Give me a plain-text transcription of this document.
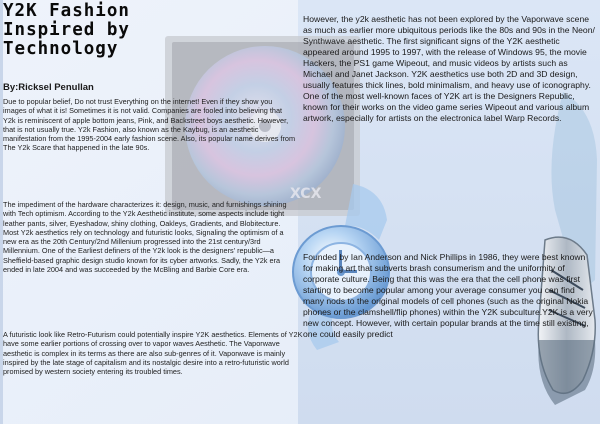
XCX
Y2K Fashion Inspired by Technology
By:Ricksel Penullan

Due to popular belief, Do not trust Everything on the internet! Even if they show you images of what it is! Sometimes it is not valid. Companies are fooled into believing that Y2k is reminiscent of apple bottom jeans, Pink, and Backstreet boys aesthetic. However, that is not usually true. Y2k Fashion, also known as the Kaybug, is an aesthetic manifestation from the 1995-2004 early fashion scene. Also, its popular name derives from The Y2k Scare that happened in the late 90s.

The impediment of the hardware characterizes it: design, music, and furnishings shining with Tech optimism. According to the Y2k Aesthetic institute, some aspects include tight leather pants, silver, Eyeshadow, shiny clothing, Oakleys, Gradients, and Blobitecture. Most Y2k aesthetics rely on technology and futuristic looks, Signaling the optimism of a new era as the 20th Century/2nd Millenium progressed into the 21st century/3rd Millennium. One of the Earliest definers of the Y2k look is the designers' republic—a Sheffield-based graphic design studio known for its cyber artworks. Sadly, the Y2k era ended in late 2004 and was succeeded by the McBling and Barbie Core era.

A futuristic look like Retro-Futurism could potentially inspire Y2K aesthetics. Elements of Y2K have some earlier portions of crossing over to vapor waves Aesthetic. The Vaporwave aesthetic is complex in its terms as there are also sub-genres of it. Vaporwave is mainly inspired by the late stage of capitalism and its nostalgic desire into a retro-futuristic world promised by western society entering its troubled times.

However, the y2k aesthetic has not been explored by the Vaporwave scene as much as earlier more ubiquitous periods like the 80s and 90s in the Neon/ Synthwave aesthetic. The first significant signs of the Y2K aesthetic appeared around 1995 to 1997, with the release of Windows 95, the movie Hackers, the PS1 game Wipeout, and music videos by artists such as Michael and Janet Jackson. Y2K aesthetics use both 2D and 3D design, usually features thick lines, bold minimalism, and heavy use of iconography. One of the most well-known faces of Y2K art is the Designers Republic, known for their works on the video game series Wipeout and various album artwork, especially for artists on the electronica label Warp Records.

Founded by Ian Anderson and Nick Phillips in 1986, they were best known for making art that subverts brash consumerism and the uniformity of corporate culture. Being that this was the era that the cell phone was first starting to become popular among your average consumer you can find many nods to the original models of cell phones (such as the original Nokia phones or the clamshell/flip phones) within the Y2K subculture.Y2K is a very new concept. However, with certain popular brands at the time still existing, one could easily predict
